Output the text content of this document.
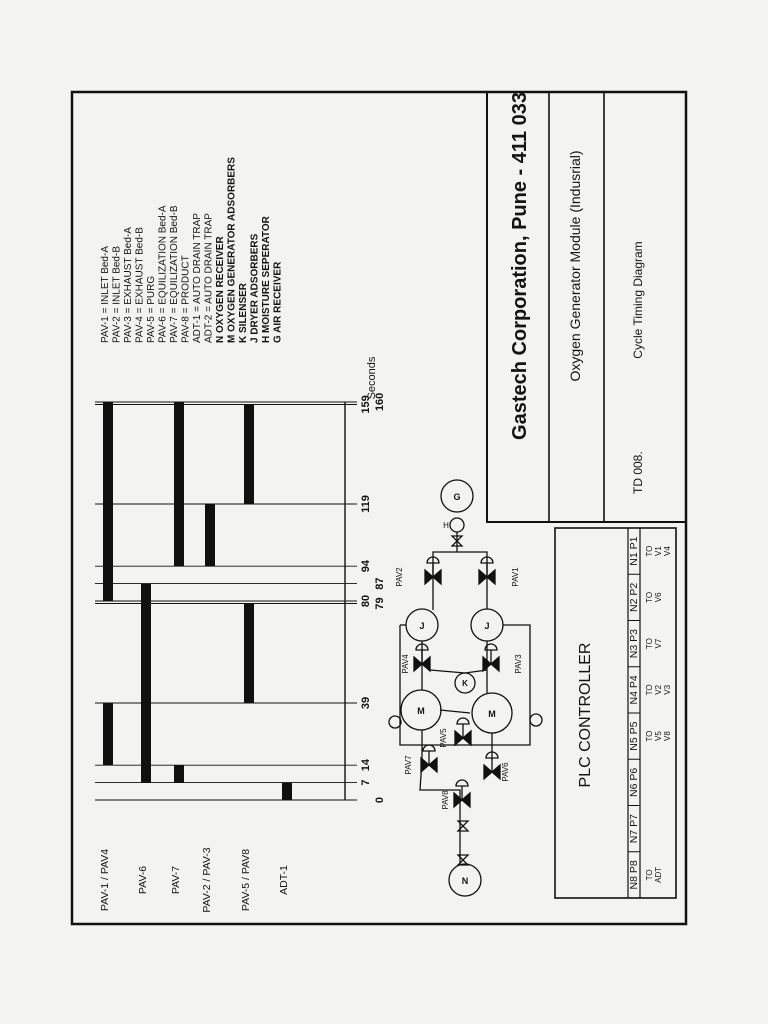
Gastech Corporation, Pune - 411 033	Oxygen Generator Module (Indusrial)
TD 008.
Cycle Timing Diagram
PAV-1 = INLET Bed-A PAV-2 = INLET Bed-B PAV-3 = EXHAUST Bed-A PAV-4 = EXHAUST Bed-B PAV-5 = PURG PAV-6 = EQUILIZATION Bed-A PAV-7 = EQUILIZATION Bed-B PAV-8 = PRODUCT ADT-1 = AUTO DRAIN TRAP ADT-2 = AUTO DRAIN TRAP N OXYGEN RECEIVER M OXYGEN GENERATOR ADSORBERS K SILENSER J DRYER ADSORBERS H MOISTURE SEPERATOR G AIR RECEIVER
0
7
14
39
79
80
87
94
119
159 160
Seconds
PAV-1 / PAV4 PAV-6 PAV-7 PAV-2 / PAV-3	PAV-5 / PAV8 ADT-1
PAV2	PAV1
PAV4	PAV3
PAV5
PAV7	PAV6
PAV8
N
G
M	M
J	J
K
H
PLC CONTROLLER
N8 P8 TO ADT
N7 P7
N6 P6
N5 P5 TO V5 V8
N4 P4 TO V2 V3
N3 P3 TO V7
N2 P2 TO V6
N1 P1 TO V1 V4
